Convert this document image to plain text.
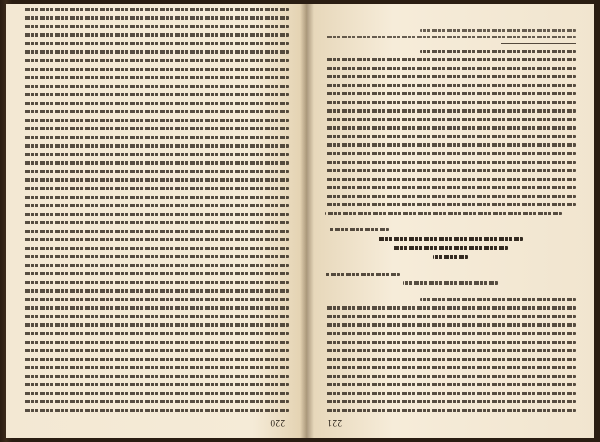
221
220
